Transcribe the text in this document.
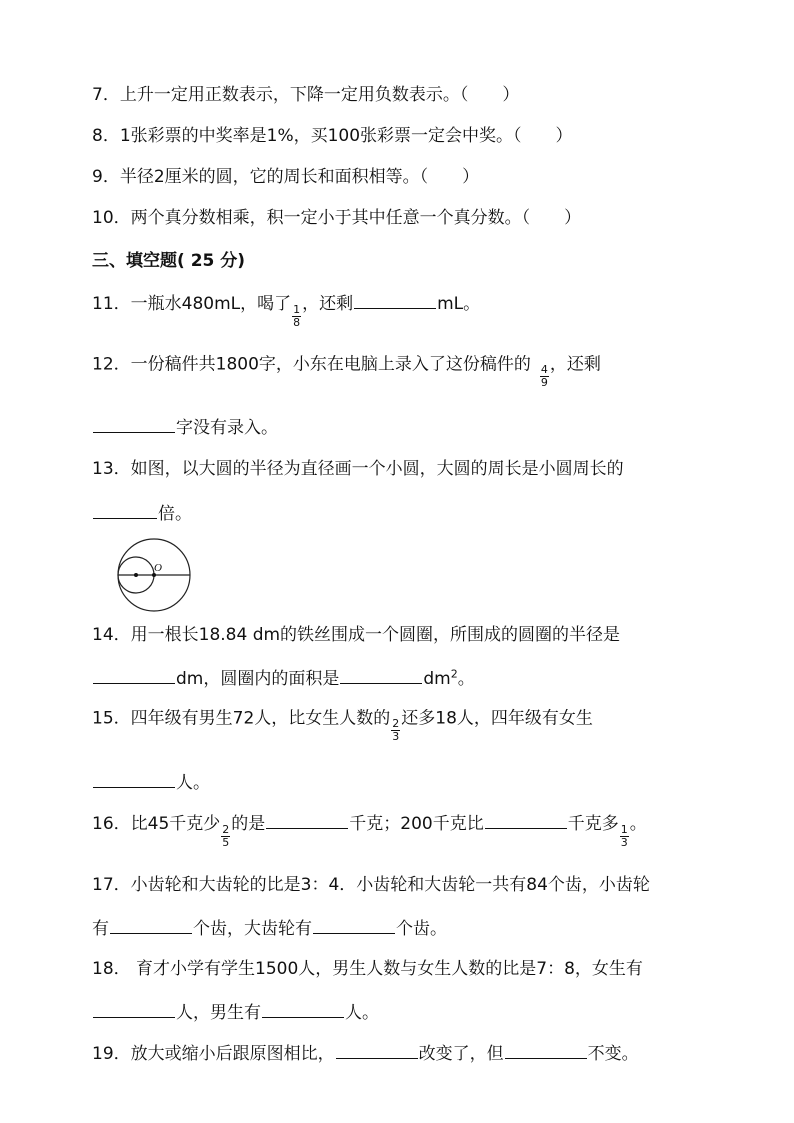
7．上升一定用正数表示，下降一定用负数表示。（　　）
8．1张彩票的中奖率是1%，买100张彩票一定会中奖。（　　）
9．半径2厘米的圆，它的周长和面积相等。（　　）
10．两个真分数相乘，积一定小于其中任意一个真分数。（　　）
三、填空题( 25 分)
11．一瓶水480mL，喝了 $\frac{1}{8}$ ，还剩	mL。
12．一份稿件共1800字，小东在电脑上录入了这份稿件的 $\frac{4}{9}$ ，还剩
字没有录入。
13．如图，以大圆的半径为直径画一个小圆，大圆的周长是小圆周长的
倍。
O
14．用一根长18.84 dm的铁丝围成一个圆圈，所围成的圆圈的半径是
dm，圆圈内的面积是	$dm^2$。
15．四年级有男生72人，比女生人数的 $\frac{2}{3}$ 还多18人，四年级有女生
人。
16．比45千克少 $\frac{2}{5}$ 的是	千克；200千克比	千克多 $\frac{1}{3}$ 。
17．小齿轮和大齿轮的比是3：4．小齿轮和大齿轮一共有84个齿，小齿轮
有	个齿，大齿轮有	个齿。
18． 育才小学有学生1500人，男生人数与女生人数的比是7：8，女生有
人，男生有	人。
19．放大或缩小后跟原图相比，	改变了，但	不变。
